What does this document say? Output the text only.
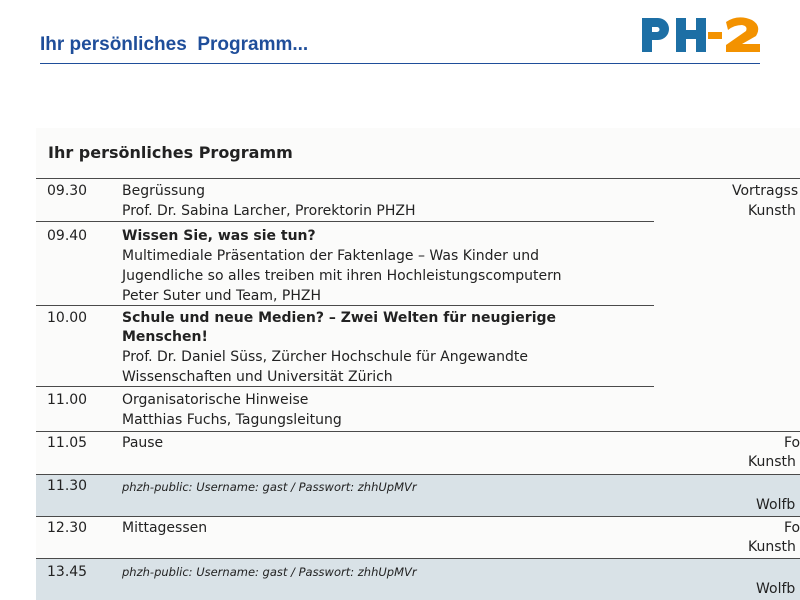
Ihr persönliches  Programm...
Ihr persönliches Programm
09.30 Begrüssung
Prof. Dr. Sabina Larcher, Prorektorin PHZH
09.40 Wissen Sie, was sie tun?
Multimediale Präsentation der Faktenlage – Was Kinder und
Jugendliche so alles treiben mit ihren Hochleistungscomputern
Peter Suter und Team, PHZH
10.00 Schule und neue Medien? – Zwei Welten für neugierige
Menschen!
Prof. Dr. Daniel Süss, Zürcher Hochschule für Angewandte
Wissenschaften und Universität Zürich
11.00 Organisatorische Hinweise
Matthias Fuchs, Tagungsleitung
11.05 Pause
11.30	phzh-public: Username: gast / Passwort: zhhUpMVr
12.30 Mittagessen
13.45	phzh-public: Username: gast / Passwort: zhhUpMVr
Vortragss
Kunsth
Fo
Kunsth
Wolfb
Fo
Kunsth
Wolfb
